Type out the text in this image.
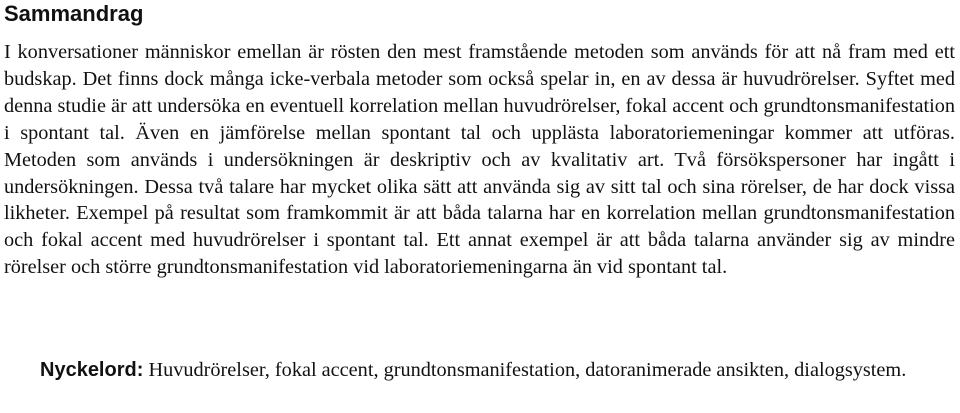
Sammandrag

I konversationer människor emellan är rösten den mest framstående metoden som används för att nå fram med ett budskap. Det finns dock många icke-verbala metoder som också spelar in, en av dessa är huvudrörelser. Syftet med denna studie är att undersöka en eventuell korrelation mellan huvudrörelser, fokal accent och grundtonsmanifestation i spontant tal. Även en jämförelse mellan spontant tal och upplästa laboratoriemeningar kommer att utföras. Metoden som används i undersökningen är deskriptiv och av kvalitativ art. Två försökspersoner har ingått i undersökningen. Dessa två talare har mycket olika sätt att använda sig av sitt tal och sina rörelser, de har dock vissa likheter. Exempel på resultat som framkommit är att båda talarna har en korrelation mellan grundtonsmanifestation och fokal accent med huvudrörelser i spontant tal. Ett annat exempel är att båda talarna använder sig av mindre rörelser och större grundtonsmanifestation vid laboratoriemeningarna än vid spontant tal.

Nyckelord: Huvudrörelser, fokal accent, grundtonsmanifestation, datoranimerade ansikten, dialogsystem.
